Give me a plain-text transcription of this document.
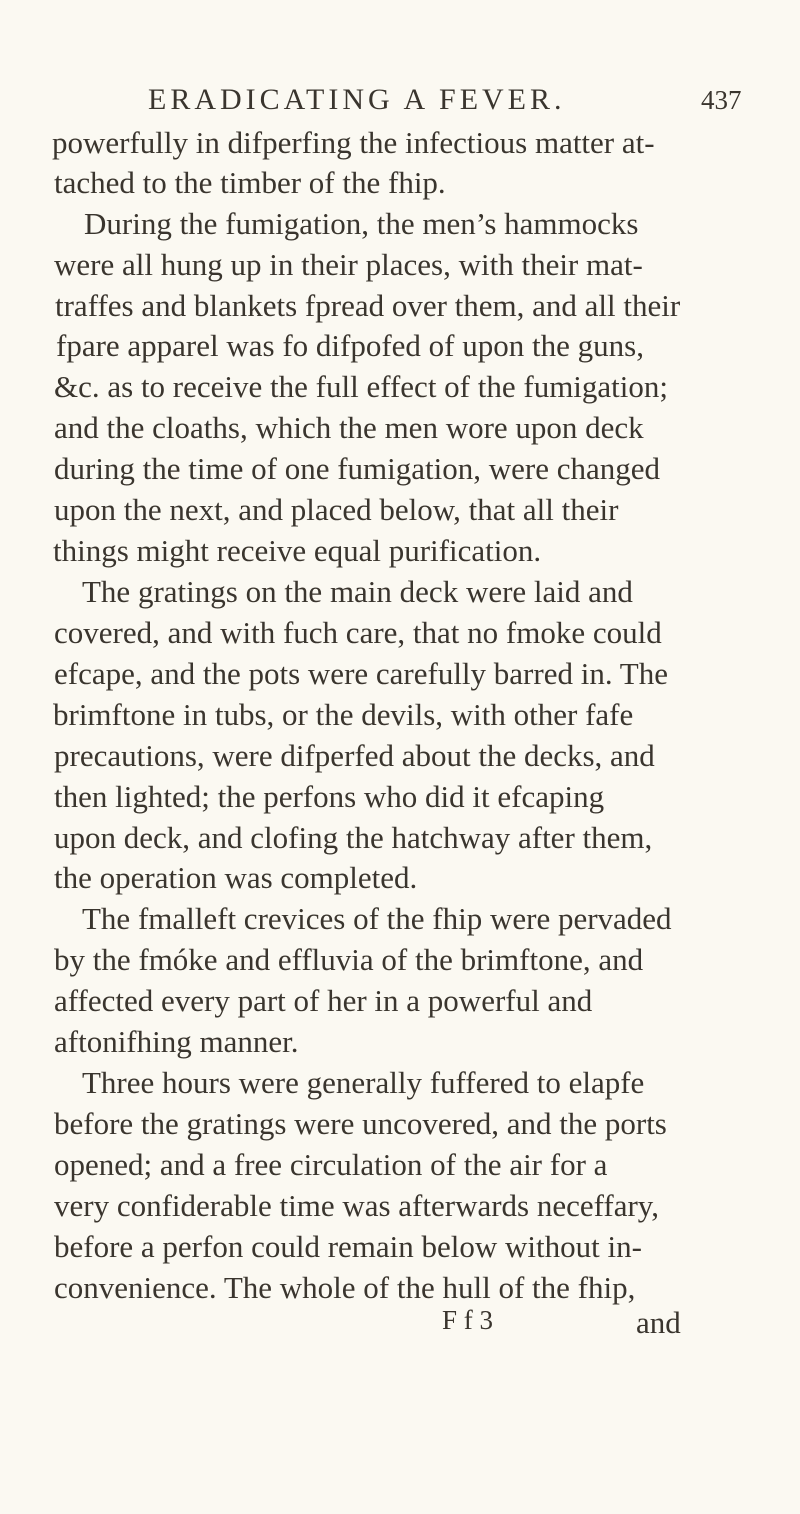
ERADICATING A FEVER.	437
powerfully in difperfing the infectious matter at-
tached to the timber of the fhip.
During the fumigation, the men’s hammocks
were all hung up in their places, with their mat-
traffes and blankets fpread over them, and all their
fpare apparel was fo difpofed of upon the guns,
&c. as to receive the full effect of the fumigation;
and the cloaths, which the men wore upon deck
during the time of one fumigation, were changed
upon the next, and placed below, that all their
things might receive equal purification.
The gratings on the main deck were laid and
covered, and with fuch care, that no fmoke could
efcape, and the pots were carefully barred in. The
brimftone in tubs, or the devils, with other fafe
precautions, were difperfed about the decks, and
then lighted; the perfons who did it efcaping
upon deck, and clofing the hatchway after them,
the operation was completed.
The fmalleft crevices of the fhip were pervaded
by the fmóke and effluvia of the brimftone, and
affected every part of her in a powerful and
aftonifhing manner.
Three hours were generally fuffered to elapfe
before the gratings were uncovered, and the ports
opened; and a free circulation of the air for a
very confiderable time was afterwards neceffary,
before a perfon could remain below without in-
convenience. The whole of the hull of the fhip,
F f 3	and
